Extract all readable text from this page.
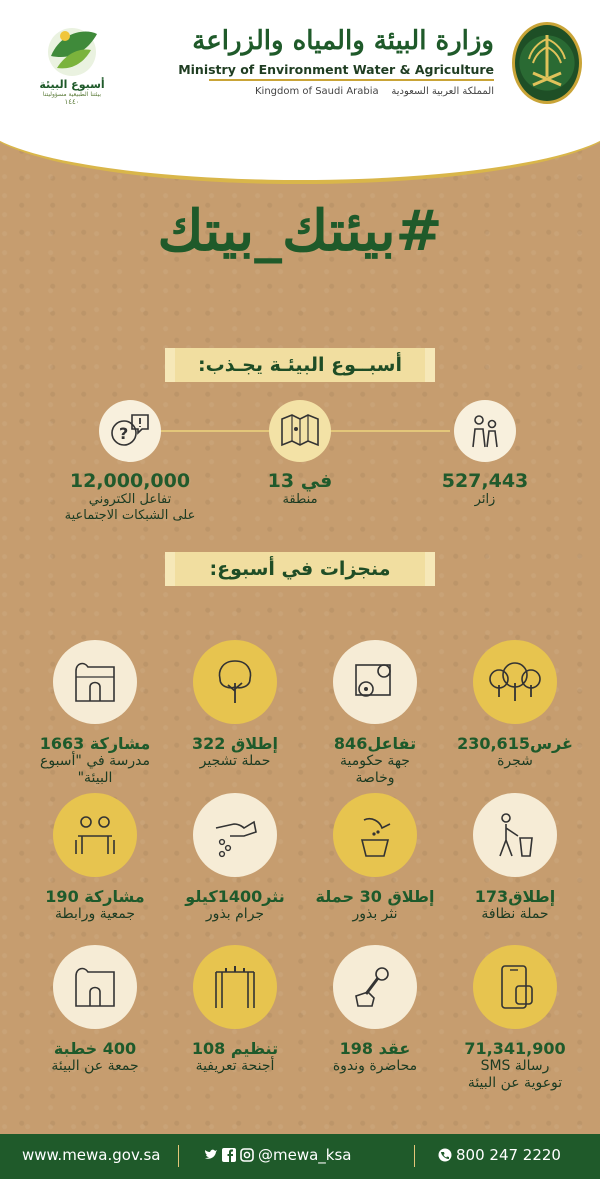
وزارة البيئة والمياه والزراعة
Ministry of Environment Water & Agriculture
Kingdom of Saudi Arabia المملكة العربية السعودية
أسبوع البيئة
بيئتنا الطبيعية مسؤوليتنا
١٤٤٠
#بيئتك_بيتك
أسبــوع البيئـة يجـذب:
527,443
زائر
في 13
منطقة
?
12,000,000
تفاعل الكتروني
على الشبكات الاجتماعية
منجزات في أسبوع:
غرس230,615
شجرة
تفاعل846
جهة حكومية
وخاصة
إطلاق 322
حملة تشجير
مشاركة 1663
مدرسة في "أسبوع البيئة"
إطلاق173
حملة نظافة
إطلاق 30 حملة
نثر بذور
نثر1400كيلو
جرام بذور
مشاركة 190
جمعية ورابطة
71,341,900
رسالة SMS
توعوية عن البيئة
عقد 198
محاضرة وندوة
تنظيم 108
أجنحة تعريفية
400 خطبة
جمعة عن البيئة
www.mewa.gov.sa	@mewa_ksa	800 247 2220
